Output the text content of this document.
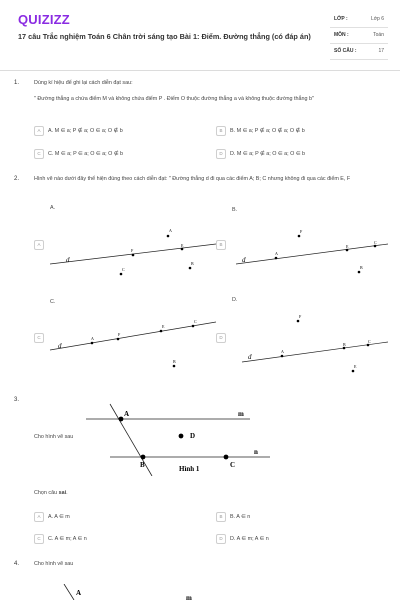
QUIZIZZ
17 câu Trắc nghiệm Toán 6 Chân trời sáng tạo Bài 1: Điểm. Đường thẳng (có đáp án)
LỚP :	Lớp 6
MÔN :	Toán
SỐ CÂU :	17
1.	Dùng kí hiệu để ghi lại cách diễn đạt sau:
" Đường thẳng a chứa điểm M và không chứa điểm P . Điểm O thuộc đường thẳng a và không thuộc đường thẳng b"
A A. M ∈ a; P ∉ a; O ∈ a; O ∉ b	B B. M ∈ a; P ∉ a; O ∉ a; O ∉ b
C C. M ∈ a; P ∈ a; O ∈ a; O ∉ b	D D. M ∈ a; P ∉ a; O ∈ a; O ∈ b
2.	Hình vẽ nào dưới đây thể hiện đúng theo cách diễn đạt: " Đường thẳng d đi qua các điểm A; B; C nhưng không đi qua các điểm E, F
A.	B.
C.	D.
A	B
C	D
d
F
E
A
C
B	d
A
E
C
F
B
d
A
F
E
C
B
d
A
B
C
F
E
3.
Cho hình vẽ sau
A
B	C
D
m
n
Hình 1
Chọn câu sai.
A A. A ∈ m	B B. A ∈ n
C C. A ∈ m; A ∈ n	D D. A ∈ m; A ∈ n
4.	Cho hình vẽ sau
A
m
